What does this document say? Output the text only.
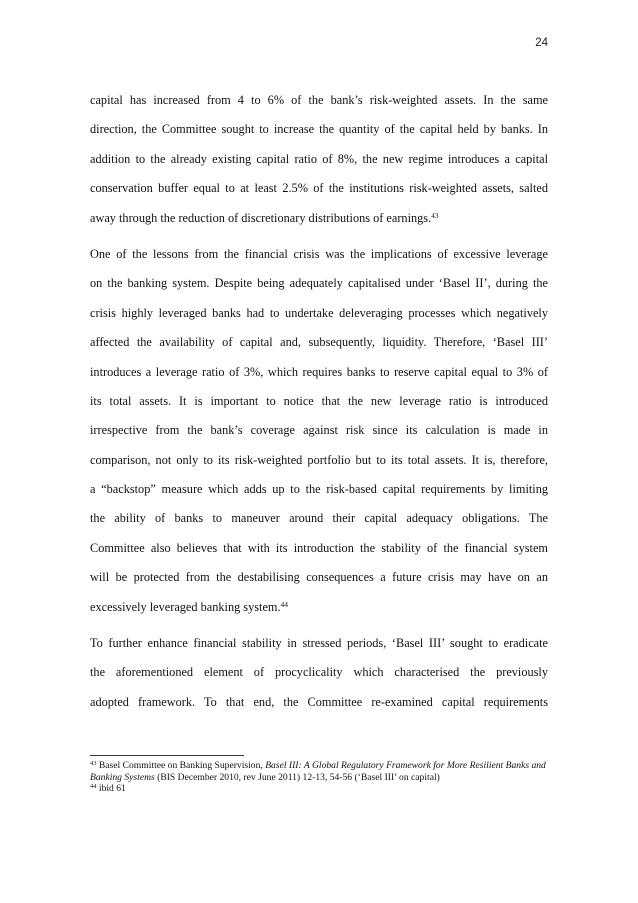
24
capital has increased from 4 to 6% of the bank’s risk-weighted assets. In the same
direction, the Committee sought to increase the quantity of the capital held by banks. In
addition to the already existing capital ratio of 8%, the new regime introduces a capital
conservation buffer equal to at least 2.5% of the institutions risk-weighted assets, salted
away through the reduction of discretionary distributions of earnings.$^{43}$
One of the lessons from the financial crisis was the implications of excessive leverage
on the banking system. Despite being adequately capitalised under ‘Basel II’, during the
crisis highly leveraged banks had to undertake deleveraging processes which negatively
affected the availability of capital and, subsequently, liquidity. Therefore, ‘Basel III’
introduces a leverage ratio of 3%, which requires banks to reserve capital equal to 3% of
its total assets. It is important to notice that the new leverage ratio is introduced
irrespective from the bank’s coverage against risk since its calculation is made in
comparison, not only to its risk-weighted portfolio but to its total assets. It is, therefore,
a “backstop” measure which adds up to the risk-based capital requirements by limiting
the ability of banks to maneuver around their capital adequacy obligations. The
Committee also believes that with its introduction the stability of the financial system
will be protected from the destabilising consequences a future crisis may have on an
excessively leveraged banking system.$^{44}$
To further enhance financial stability in stressed periods, ‘Basel III’ sought to eradicate
the aforementioned element of procyclicality which characterised the previously
adopted framework. To that end, the Committee re-examined capital requirements
$^{43}$ Basel Committee on Banking Supervision, Basel III: A Global Regulatory Framework for More Resilient Banks and Banking Systems (BIS December 2010, rev June 2011) 12-13, 54-56 (‘Basel III’ on capital)
$^{44}$ ibid 61
